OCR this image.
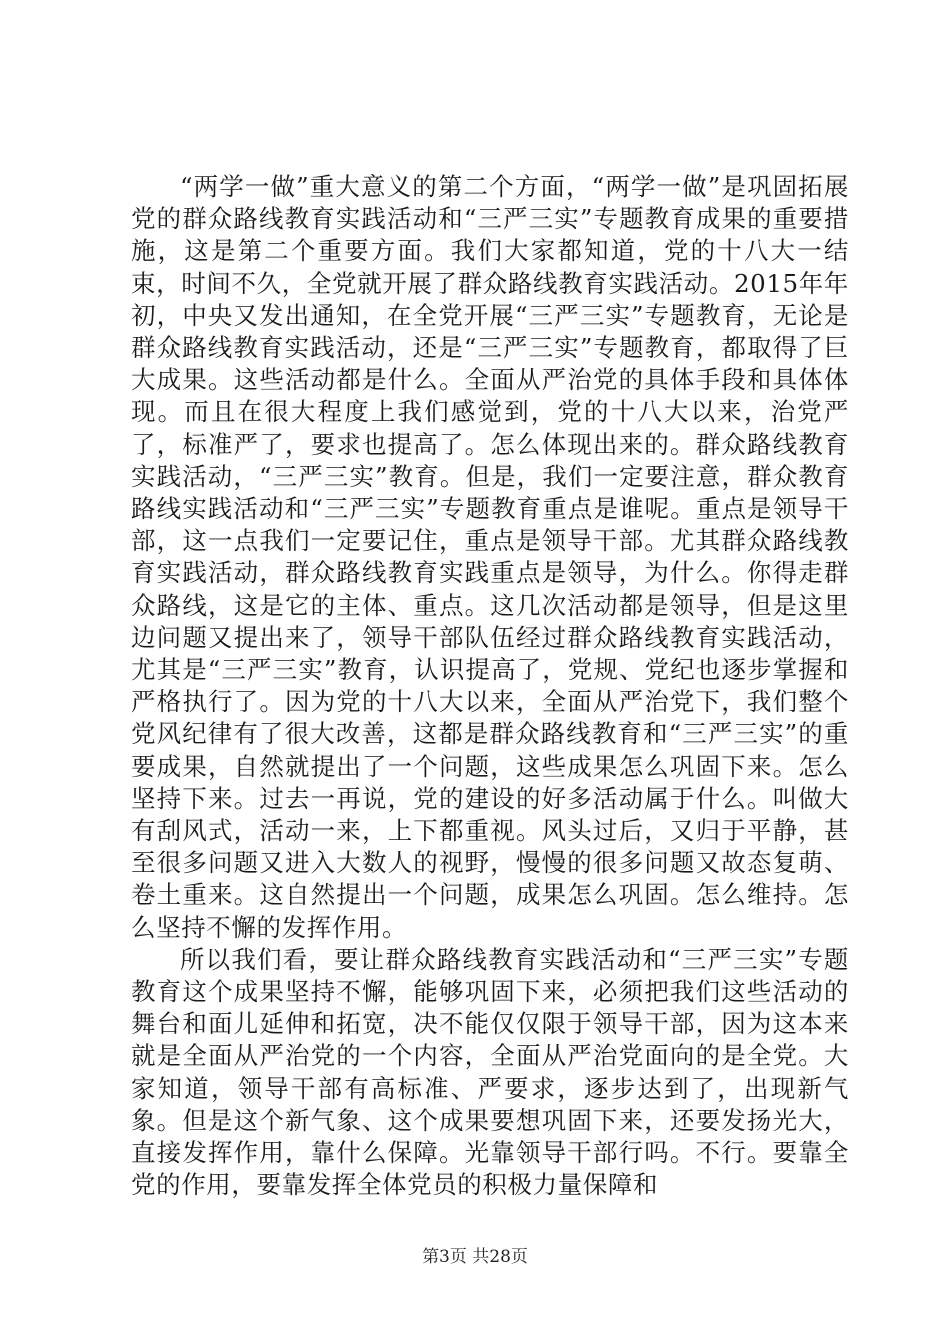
“两学一做”重大意义的第二个方面，“两学一做”是巩固拓展党的群众路线教育实践活动和“三严三实”专题教育成果的重要措施，这是第二个重要方面。我们大家都知道，党的十八大一结束，时间不久，全党就开展了群众路线教育实践活动。2015年年初，中央又发出通知，在全党开展“三严三实”专题教育，无论是群众路线教育实践活动，还是“三严三实”专题教育，都取得了巨大成果。这些活动都是什么。全面从严治党的具体手段和具体体现。而且在很大程度上我们感觉到，党的十八大以来，治党严了，标准严了，要求也提高了。怎么体现出来的。群众路线教育实践活动，“三严三实”教育。但是，我们一定要注意，群众教育路线实践活动和“三严三实”专题教育重点是谁呢。重点是领导干部，这一点我们一定要记住，重点是领导干部。尤其群众路线教育实践活动，群众路线教育实践重点是领导，为什么。你得走群众路线，这是它的主体、重点。这几次活动都是领导，但是这里边问题又提出来了，领导干部队伍经过群众路线教育实践活动，尤其是“三严三实”教育，认识提高了，党规、党纪也逐步掌握和严格执行了。因为党的十八大以来，全面从严治党下，我们整个党风纪律有了很大改善，这都是群众路线教育和“三严三实”的重要成果，自然就提出了一个问题，这些成果怎么巩固下来。怎么坚持下来。过去一再说，党的建设的好多活动属于什么。叫做大有刮风式，活动一来，上下都重视。风头过后，又归于平静，甚至很多问题又进入大数人的视野，慢慢的很多问题又故态复萌、卷土重来。这自然提出一个问题，成果怎么巩固。怎么维持。怎么坚持不懈的发挥作用。

所以我们看，要让群众路线教育实践活动和“三严三实”专题教育这个成果坚持不懈，能够巩固下来，必须把我们这些活动的舞台和面儿延伸和拓宽，决不能仅仅限于领导干部，因为这本来就是全面从严治党的一个内容，全面从严治党面向的是全党。大家知道，领导干部有高标准、严要求，逐步达到了，出现新气象。但是这个新气象、这个成果要想巩固下来，还要发扬光大，直接发挥作用，靠什么保障。光靠领导干部行吗。不行。要靠全党的作用，要靠发挥全体党员的积极力量保障和

第3页 共28页
